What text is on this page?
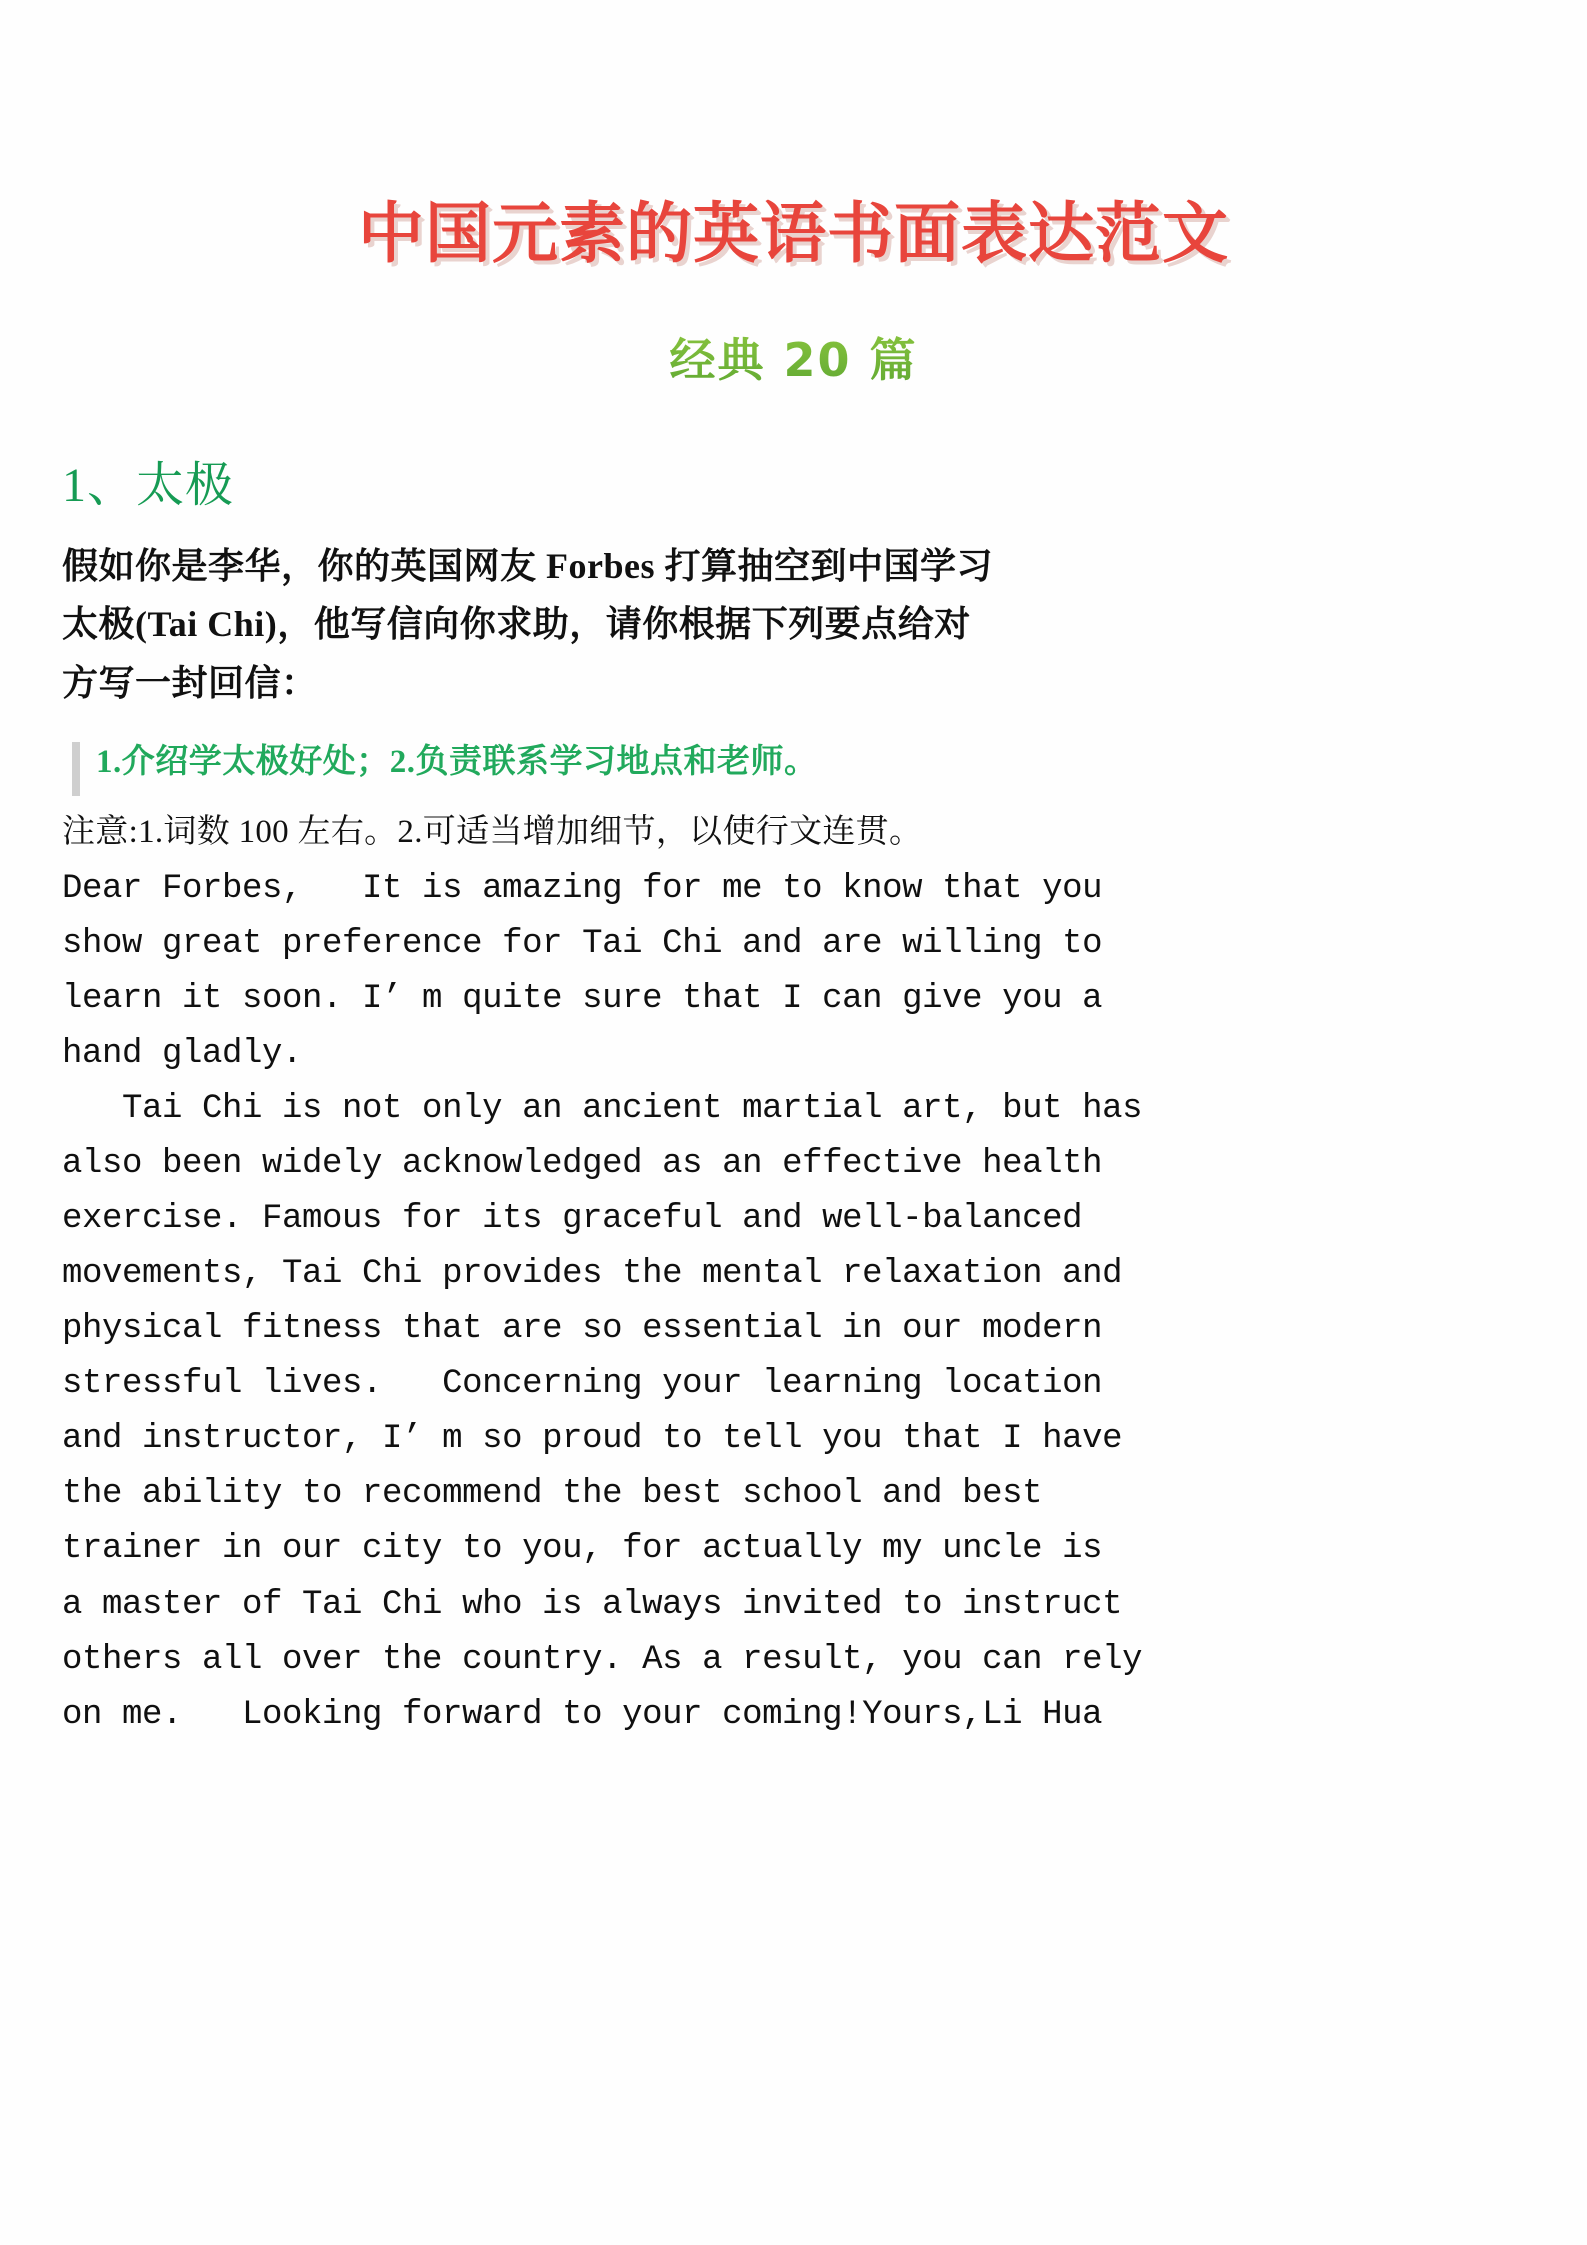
中国元素的英语书面表达范文
经典 20 篇
1、太极
假如你是李华，你的英国网友 Forbes 打算抽空到中国学习
太极(Tai Chi)，他写信向你求助，请你根据下列要点给对
方写一封回信：
1.介绍学太极好处；2.负责联系学习地点和老师。
注意:1.词数 100 左右。2.可适当增加细节，以使行文连贯。
Dear Forbes,   It is amazing for me to know that you
show great preference for Tai Chi and are willing to
learn it soon. I’ m quite sure that I can give you a
hand gladly.
Tai Chi is not only an ancient martial art, but has
also been widely acknowledged as an effective health
exercise. Famous for its graceful and well-balanced
movements, Tai Chi provides the mental relaxation and
physical fitness that are so essential in our modern
stressful lives.   Concerning your learning location
and instructor, I’ m so proud to tell you that I have
the ability to recommend the best school and best
trainer in our city to you, for actually my uncle is
a master of Tai Chi who is always invited to instruct
others all over the country. As a result, you can rely
on me.   Looking forward to your coming!Yours,Li Hua
